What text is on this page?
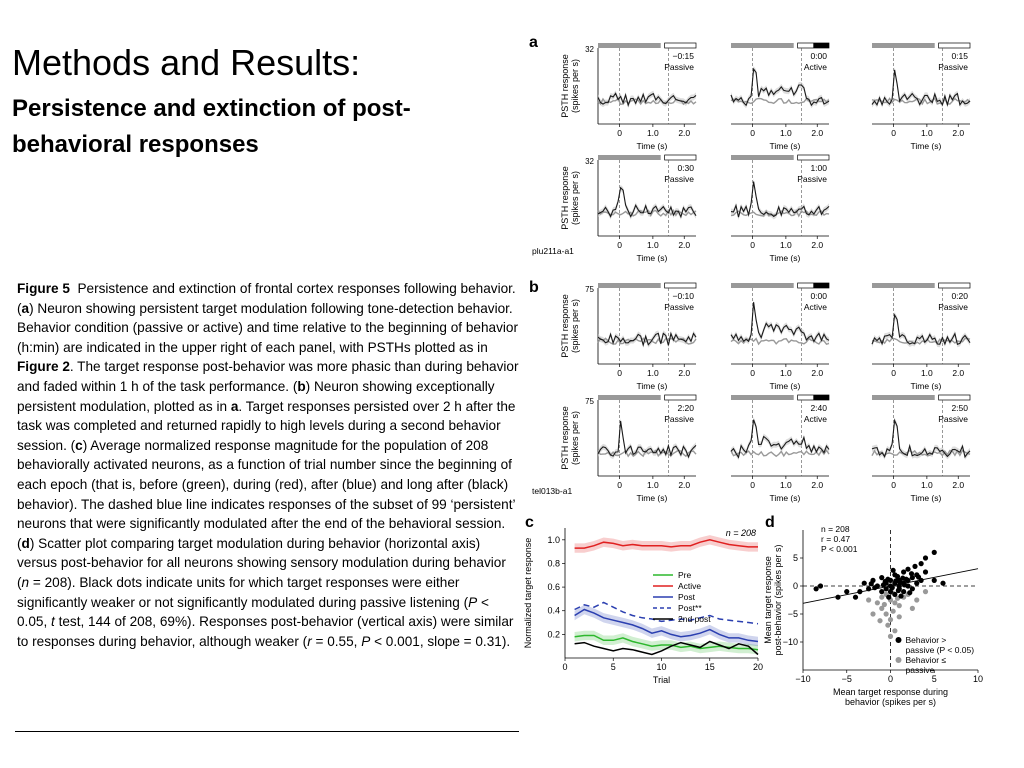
Methods and Results:
Persistence and extinction of post-behavioral responses

Figure 5 Persistence and extinction of frontal cortex responses following behavior. (a) Neuron showing persistent target modulation following tone-detection behavior. Behavior condition (passive or active) and time relative to the beginning of behavior (h:min) are indicated in the upper right of each panel, with PSTHs plotted as in Figure 2. The target response post-behavior was more phasic than during behavior and faded within 1 h of the task performance. (b) Neuron showing exceptionally persistent modulation, plotted as in a. Target responses persisted over 2 h after the task was completed and returned rapidly to high levels during a second behavior session. (c) Average normalized response magnitude for the population of 208 behaviorally activated neurons, as a function of trial number since the beginning of each epoch (that is, before (green), during (red), after (blue) and long after (black) behavior). The dashed blue line indicates responses of the subset of 99 ‘persistent’ neurons that were significantly modulated after the end of the behavioral session. (d) Scatter plot comparing target modulation during behavior (horizontal axis) versus post-behavior for all neurons showing sensory modulation during behavior (n = 208). Black dots indicate units for which target responses were either significantly weaker or not significantly modulated during passive listening (P < 0.05, t test, 144 of 208, 69%). Responses post-behavior (vertical axis) were similar to responses during behavior, although weaker (r = 0.55, P < 0.001, slope = 0.31).

a	32
0	1.0 2.0
Time (s)
−0:15
Passive
PSTH response(spikes per s)
0	1.0 2.0
Time (s)
0:00
Active
0	1.0 2.0
Time (s)
0:15
Passive
32
0	1.0 2.0
Time (s)
0:30
Passive
PSTH response(spikes per s)
0	1.0 2.0
Time (s)
1:00
Passive
plu211a-a1
b	75
0	1.0 2.0
Time (s)
−0:10
Passive
PSTH response(spikes per s)
0	1.0 2.0
Time (s)
0:00
Active
0	1.0 2.0
Time (s)
0:20
Passive
75
0	1.0 2.0
Time (s)
2:20
Passive
PSTH response(spikes per s)
0	1.0 2.0
Time (s)
2:40
Active
0	1.0 2.0
Time (s)
2:50
Passive
tel013b-a1
c
0	5	10	15	20
0.2
0.4
0.6
0.8
1.0
Trial
Normalized target response
n = 208
Pre
Active
Post
Post**
2nd post
d
−10	−5	0	5	10
−10
−5
0
5
Mean target response during behavior (spikes per s)
Mean target responsepost-behavior (spikes per s)
n = 208
r = 0.47
P < 0.001
Behavior > passive (P < 0.05)
Behavior ≤ passive
